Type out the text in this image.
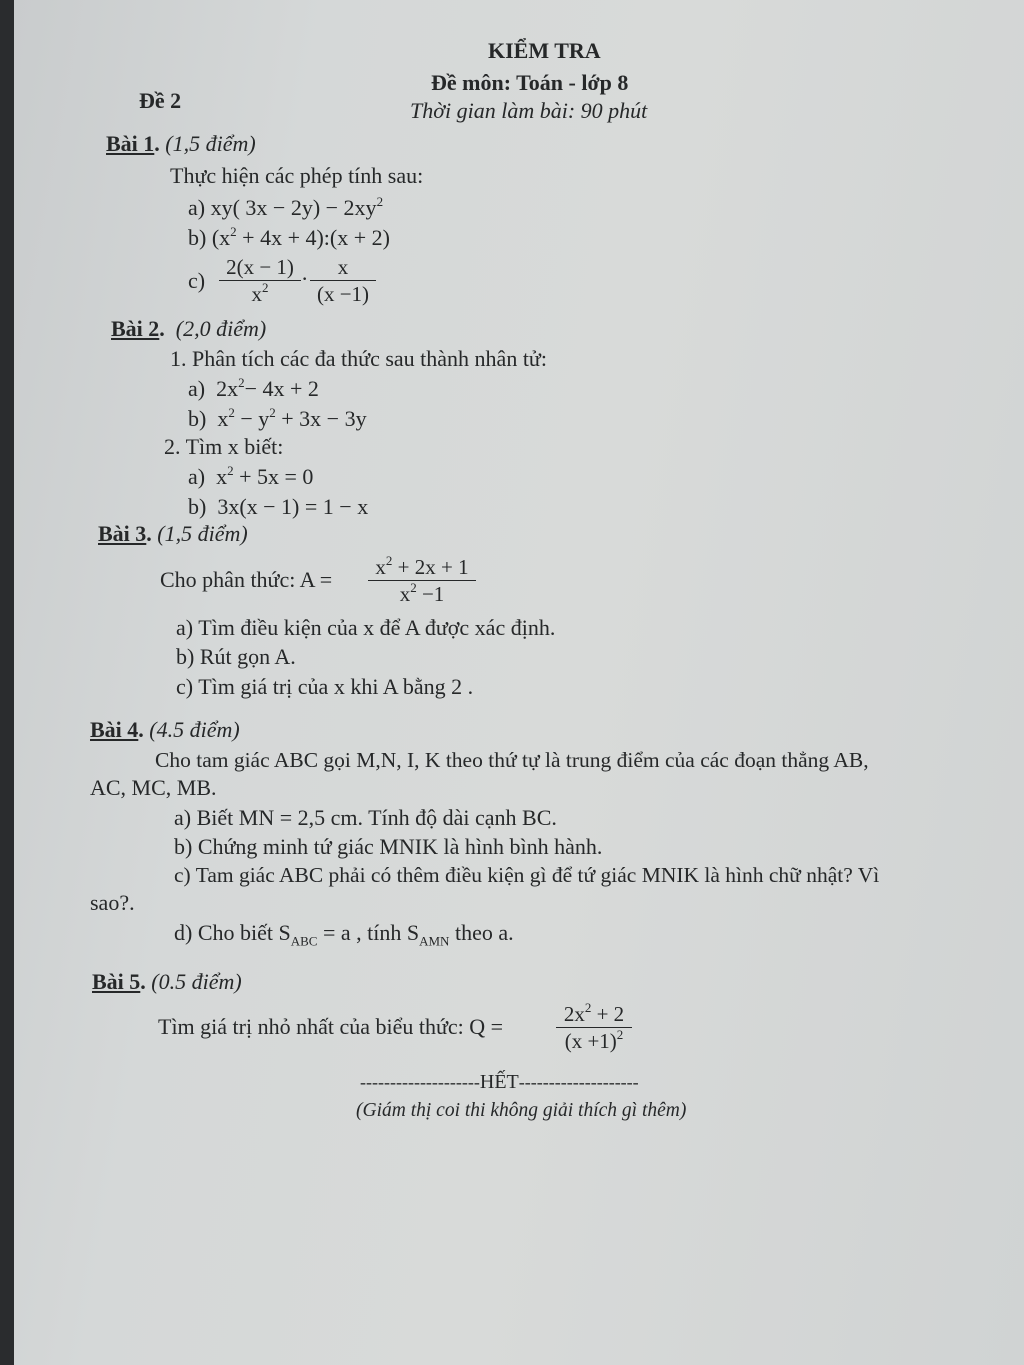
KIỂM TRA
Đề môn: Toán - lớp 8
Đề 2	Thời gian làm bài: 90 phút
Bài 1. (1,5 điểm)
Thực hiện các phép tính sau:
a) xy( $3x - 2y) - 2xy^2$
b) ($x^2 + 4x$ + 4):(x + 2)
c)
2(x − 1)
$x^2$	·	x
(x −1)
Bài 2. (2,0 điểm)
1. Phân tích các đa thức sau thành nhân tử:
a) $2x^2- 4x + 2$
b) $x^2 - y^2 + 3x - 3y$
2. Tìm x biết:
a) $x^2 + 5x = 0$
b) 3x(x − 1) = 1 − x
Bài 3. (1,5 điểm)
Cho phân thức: A =	$x^2 + 2x + 1$
$x^2 -1$
a) Tìm điều kiện của x để A được xác định.
b) Rút gọn A.
c) Tìm giá trị của x khi A bằng 2 .
Bài 4. (4.5 điểm)
Cho tam giác ABC gọi M,N, I, K theo thứ tự là trung điểm của các đoạn thẳng AB,
AC, MC, MB.
a) Biết MN = 2,5 cm. Tính độ dài cạnh BC.
b) Chứng minh tứ giác MNIK là hình bình hành.
c) Tam giác ABC phải có thêm điều kiện gì để tứ giác MNIK là hình chữ nhật? Vì
sao?.
d) Cho biết $S_{ABC} = a$ , tính $S_{AMN}$ theo a.
Bài 5. (0.5 điểm)
Tìm giá trị nhỏ nhất của biểu thức: Q =	$2x^2 + 2$
$(x +1)^2$
--------------------HẾT--------------------
(Giám thị coi thi không giải thích gì thêm)
